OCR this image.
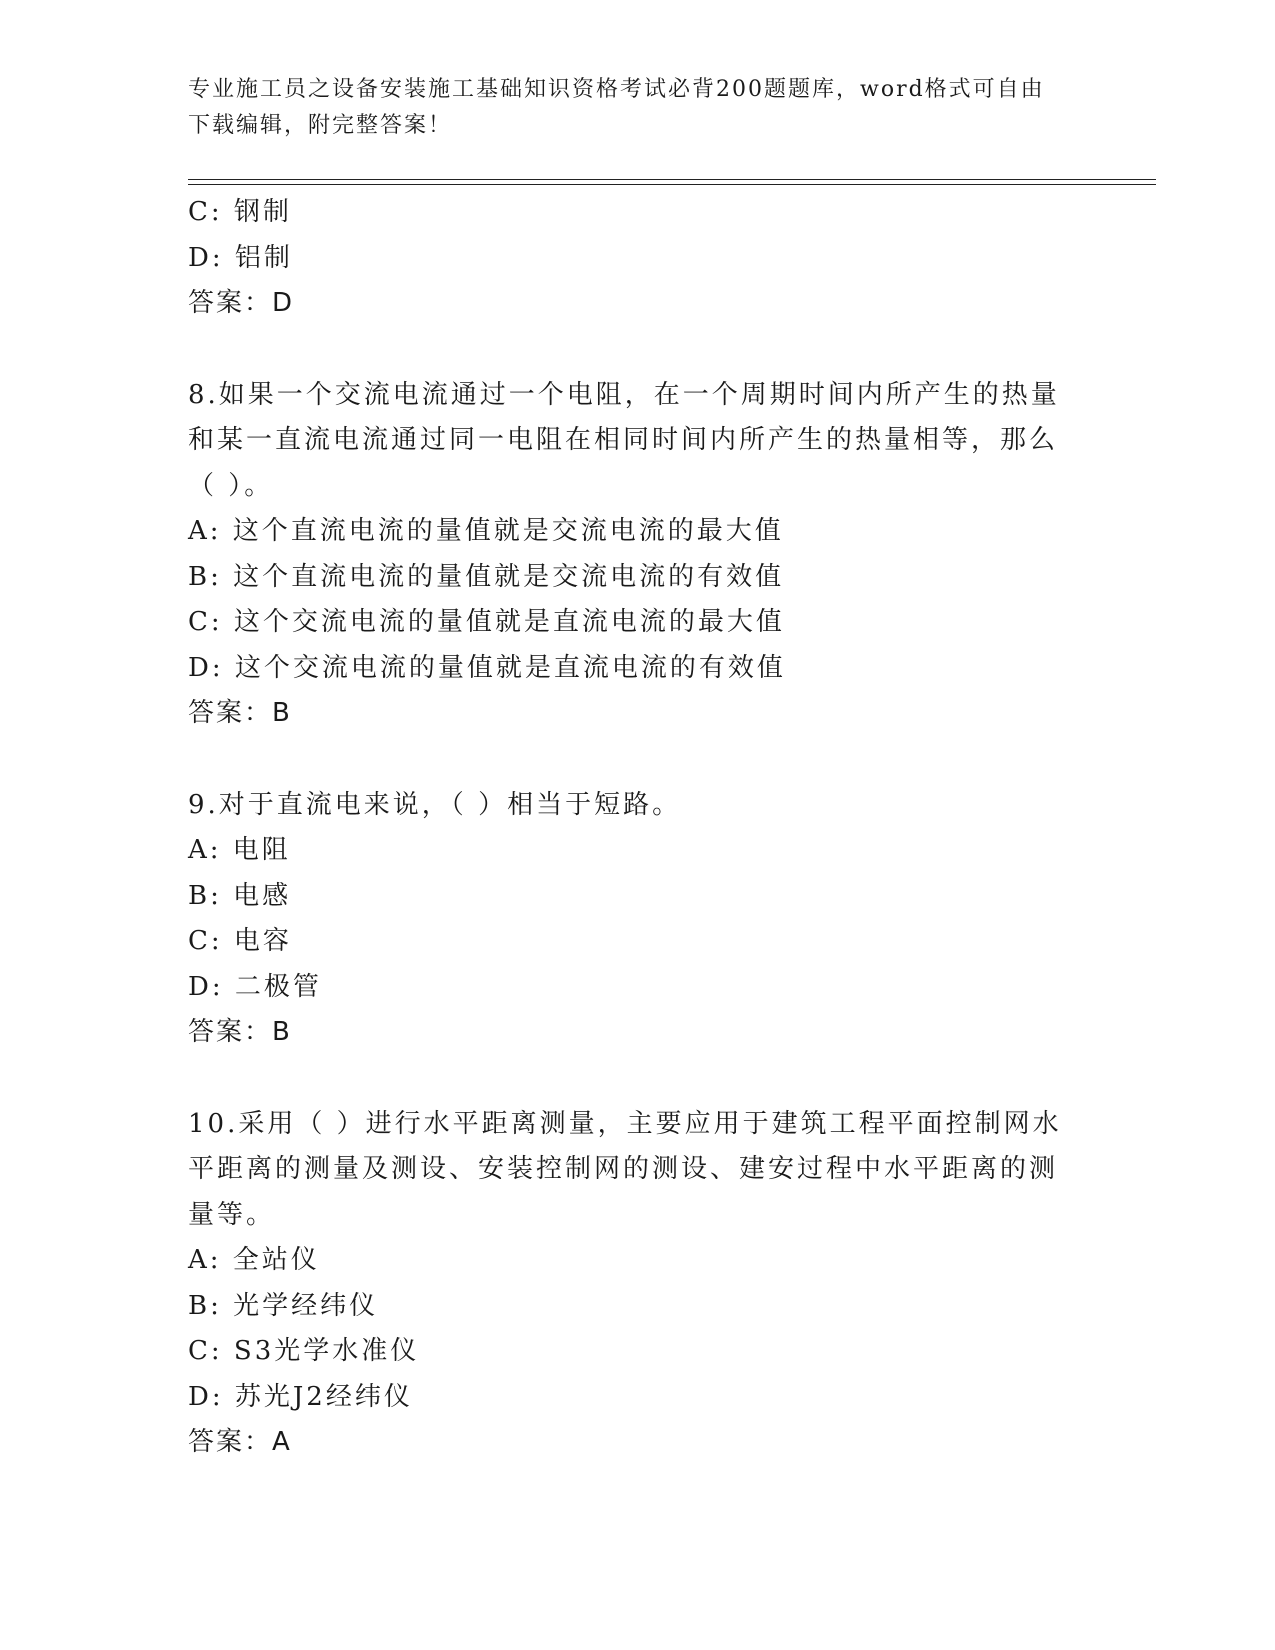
专业施工员之设备安装施工基础知识资格考试必背200题题库，word格式可自由
下载编辑，附完整答案！
C: 钢制
D: 铝制
答案：D
8.如果一个交流电流通过一个电阻，在一个周期时间内所产生的热量
和某一直流电流通过同一电阻在相同时间内所产生的热量相等，那么
（ ）。
A: 这个直流电流的量值就是交流电流的最大值
B: 这个直流电流的量值就是交流电流的有效值
C: 这个交流电流的量值就是直流电流的最大值
D: 这个交流电流的量值就是直流电流的有效值
答案：B
9.对于直流电来说，（ ）相当于短路。
A: 电阻
B: 电感
C: 电容
D: 二极管
答案：B
10.采用（ ）进行水平距离测量，主要应用于建筑工程平面控制网水
平距离的测量及测设、安装控制网的测设、建安过程中水平距离的测
量等。
A: 全站仪
B: 光学经纬仪
C: S3光学水准仪
D: 苏光J2经纬仪
答案：A
